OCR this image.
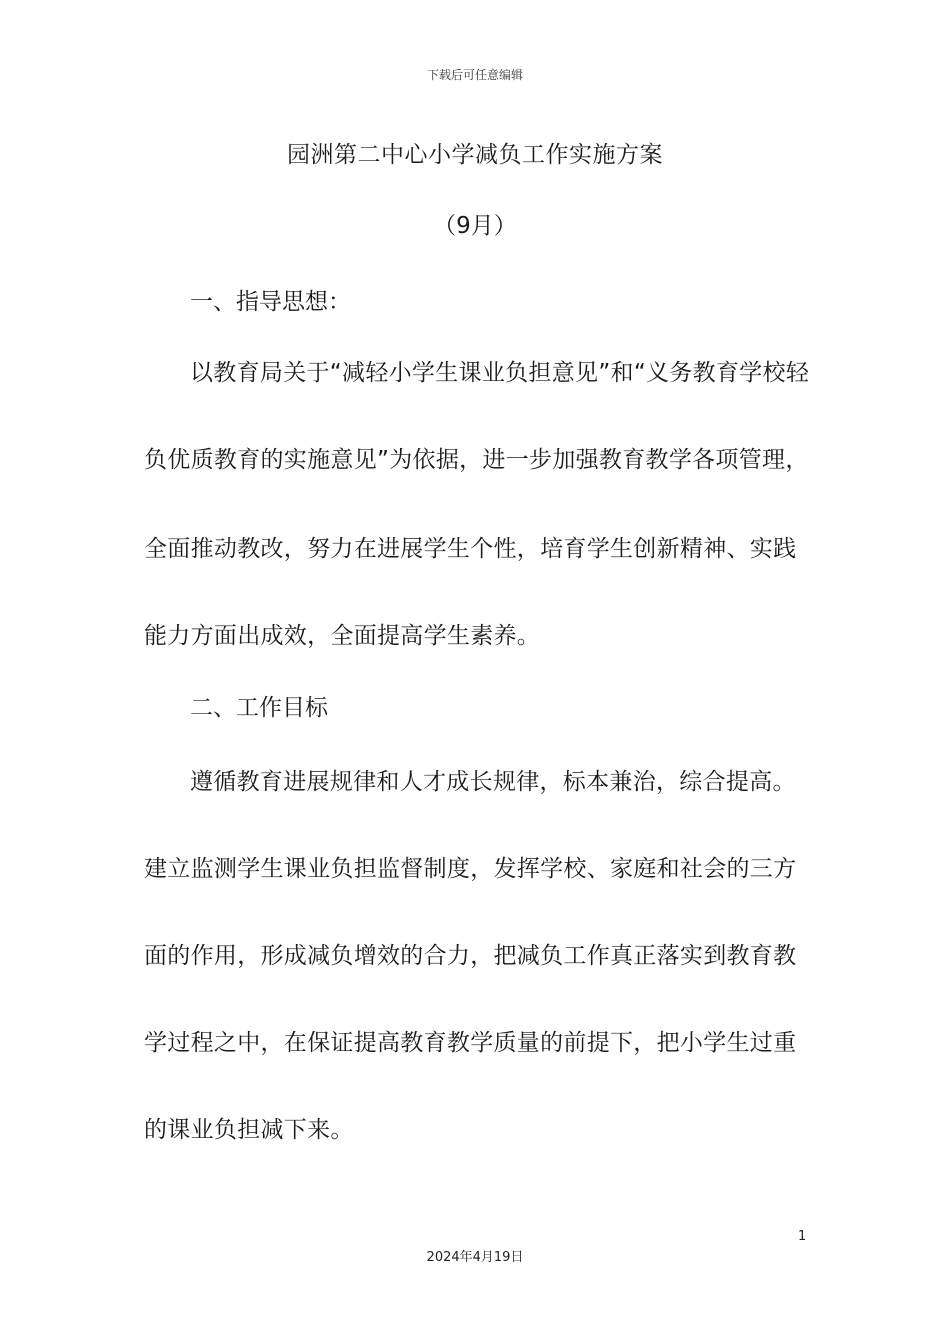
下载后可任意编辑
园洲第二中心小学减负工作实施方案
（9月）
一、指导思想：
以教育局关于“减轻小学生课业负担意见”和“义务教育学校轻
负优质教育的实施意见”为依据，进一步加强教育教学各项管理，
全面推动教改，努力在进展学生个性，培育学生创新精神、实践
能力方面出成效，全面提高学生素养。
二、工作目标
遵循教育进展规律和人才成长规律，标本兼治，综合提高。
建立监测学生课业负担监督制度，发挥学校、家庭和社会的三方
面的作用，形成减负增效的合力，把减负工作真正落实到教育教
学过程之中，在保证提高教育教学质量的前提下，把小学生过重
的课业负担减下来。
1
2024年4月19日
